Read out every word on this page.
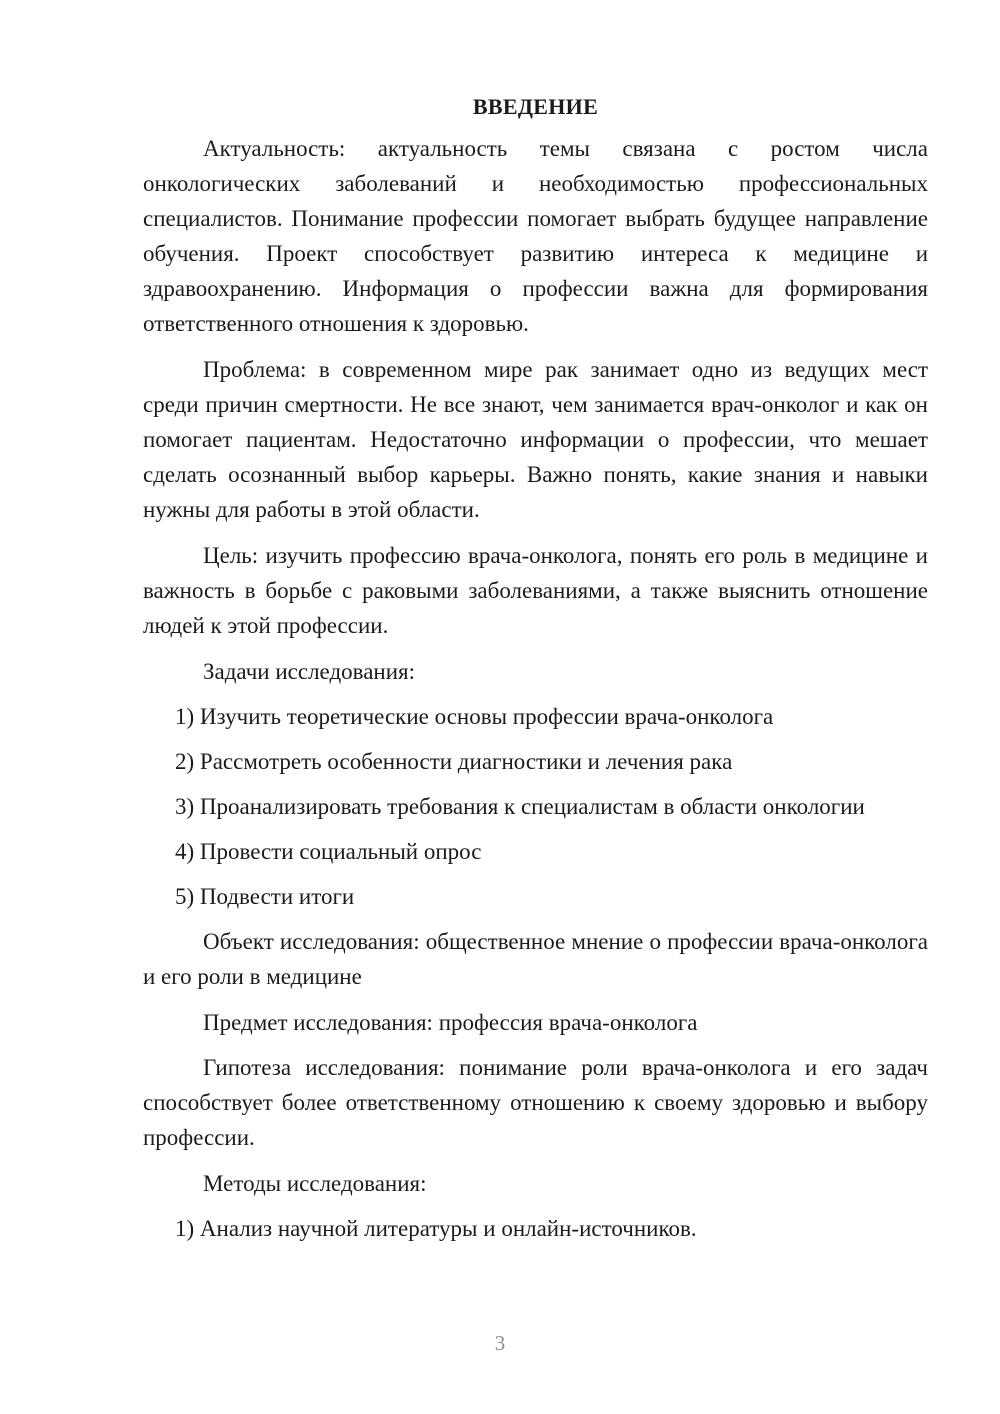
ВВЕДЕНИЕ

Актуальность: актуальность темы связана с ростом числа онкологических заболеваний и необходимостью профессиональных специалистов. Понимание профессии помогает выбрать будущее направление обучения. Проект способствует развитию интереса к медицине и здравоохранению. Информация о профессии важна для формирования ответственного отношения к здоровью.

Проблема: в современном мире рак занимает одно из ведущих мест среди причин смертности. Не все знают, чем занимается врач-онколог и как он помогает пациентам. Недостаточно информации о профессии, что мешает сделать осознанный выбор карьеры. Важно понять, какие знания и навыки нужны для работы в этой области.

Цель: изучить профессию врача-онколога, понять его роль в медицине и важность в борьбе с раковыми заболеваниями, а также выяснить отношение людей к этой профессии.

Задачи исследования:

1) Изучить теоретические основы профессии врача-онколога

2) Рассмотреть особенности диагностики и лечения рака

3) Проанализировать требования к специалистам в области онкологии

4) Провести социальный опрос

5) Подвести итоги

Объект исследования: общественное мнение о профессии врача-онколога и его роли в медицине

Предмет исследования: профессия врача-онколога

Гипотеза исследования: понимание роли врача-онколога и его задач способствует более ответственному отношению к своему здоровью и выбору профессии.

Методы исследования:

1) Анализ научной литературы и онлайн-источников.

3
